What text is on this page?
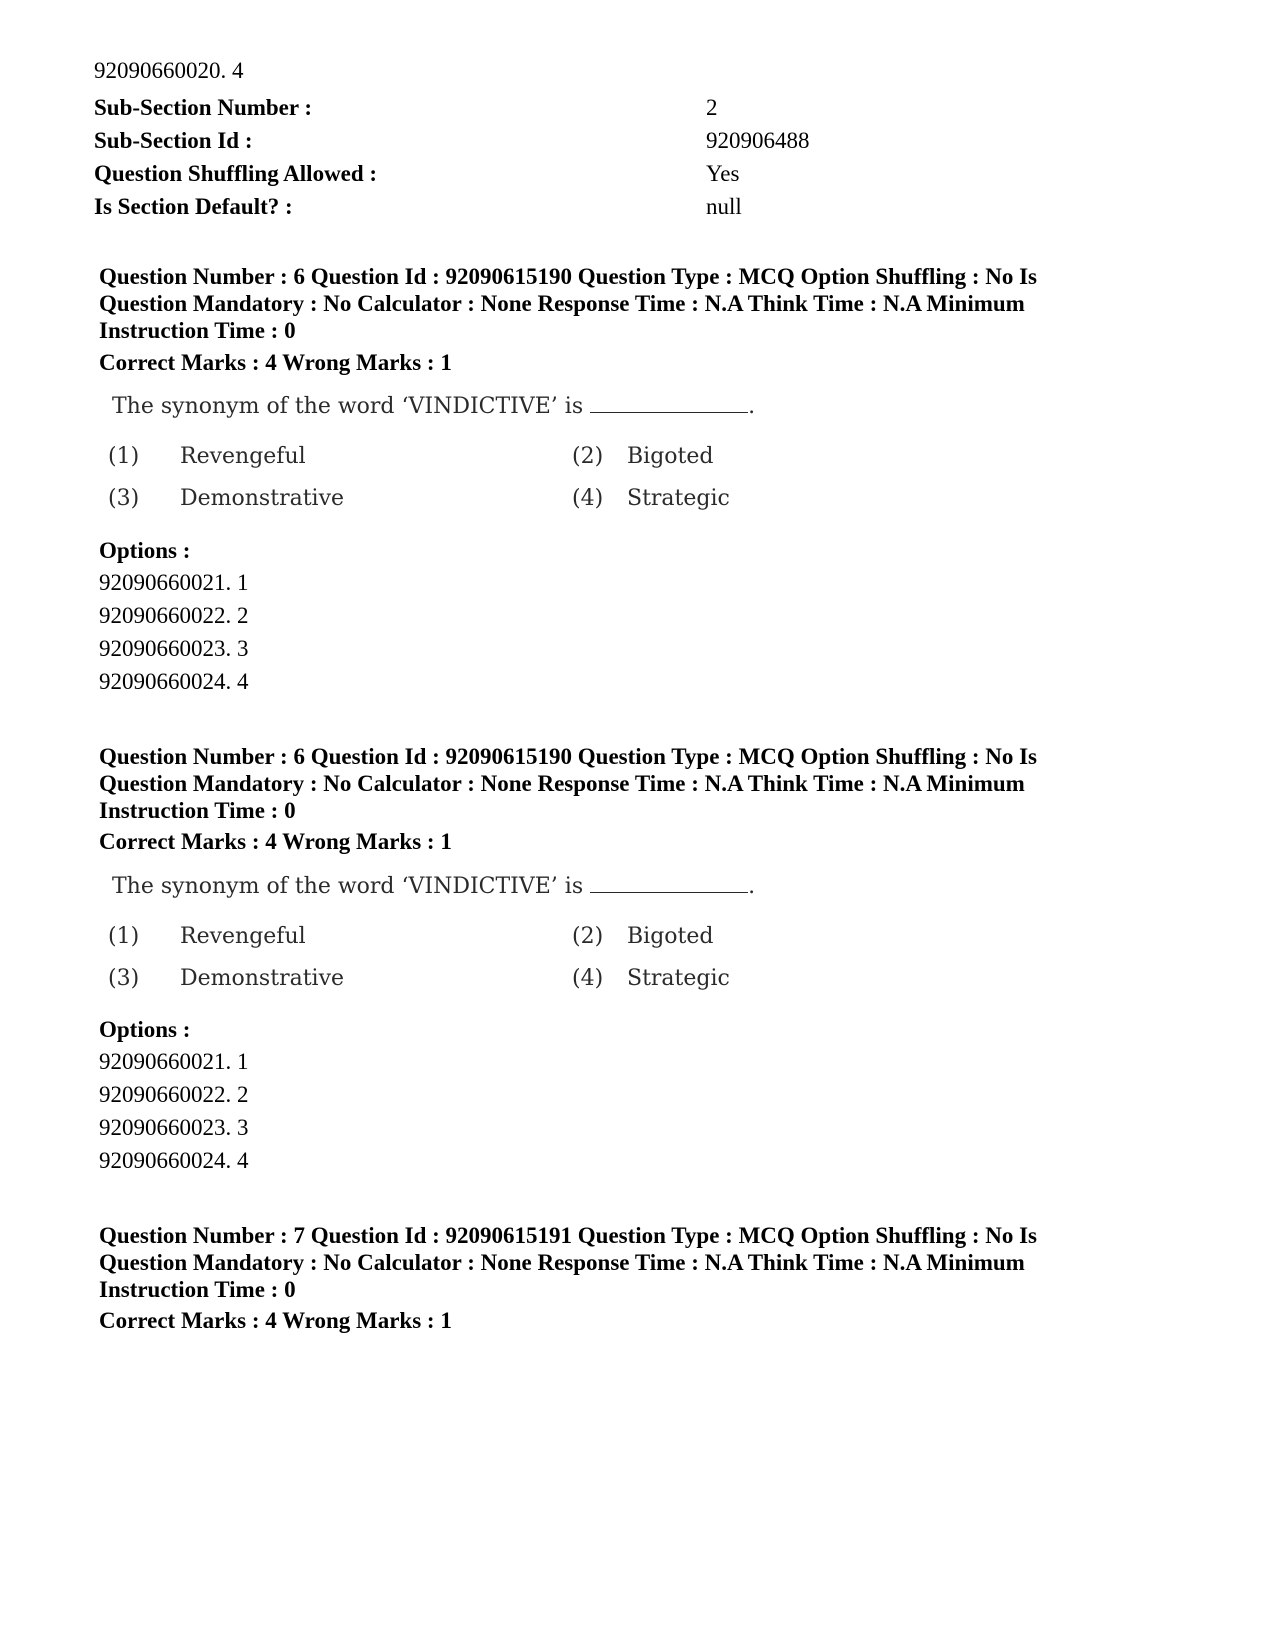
92090660020. 4
Sub-Section Number :	2
Sub-Section Id :	920906488
Question Shuffling Allowed :	Yes
Is Section Default? :	null
Question Number : 6 Question Id : 92090615190 Question Type : MCQ Option Shuffling : No Is
Question Mandatory : No Calculator : None Response Time : N.A Think Time : N.A Minimum
Instruction Time : 0
Correct Marks : 4 Wrong Marks : 1
The synonym of the word ‘VINDICTIVE’ is	.
(1) Revengeful	(2) Bigoted
(3) Demonstrative	(4) Strategic
Options :
92090660021. 1
92090660022. 2
92090660023. 3
92090660024. 4
Question Number : 6 Question Id : 92090615190 Question Type : MCQ Option Shuffling : No Is
Question Mandatory : No Calculator : None Response Time : N.A Think Time : N.A Minimum
Instruction Time : 0
Correct Marks : 4 Wrong Marks : 1
The synonym of the word ‘VINDICTIVE’ is	.
(1) Revengeful	(2) Bigoted
(3) Demonstrative	(4) Strategic
Options :
92090660021. 1
92090660022. 2
92090660023. 3
92090660024. 4
Question Number : 7 Question Id : 92090615191 Question Type : MCQ Option Shuffling : No Is
Question Mandatory : No Calculator : None Response Time : N.A Think Time : N.A Minimum
Instruction Time : 0
Correct Marks : 4 Wrong Marks : 1
